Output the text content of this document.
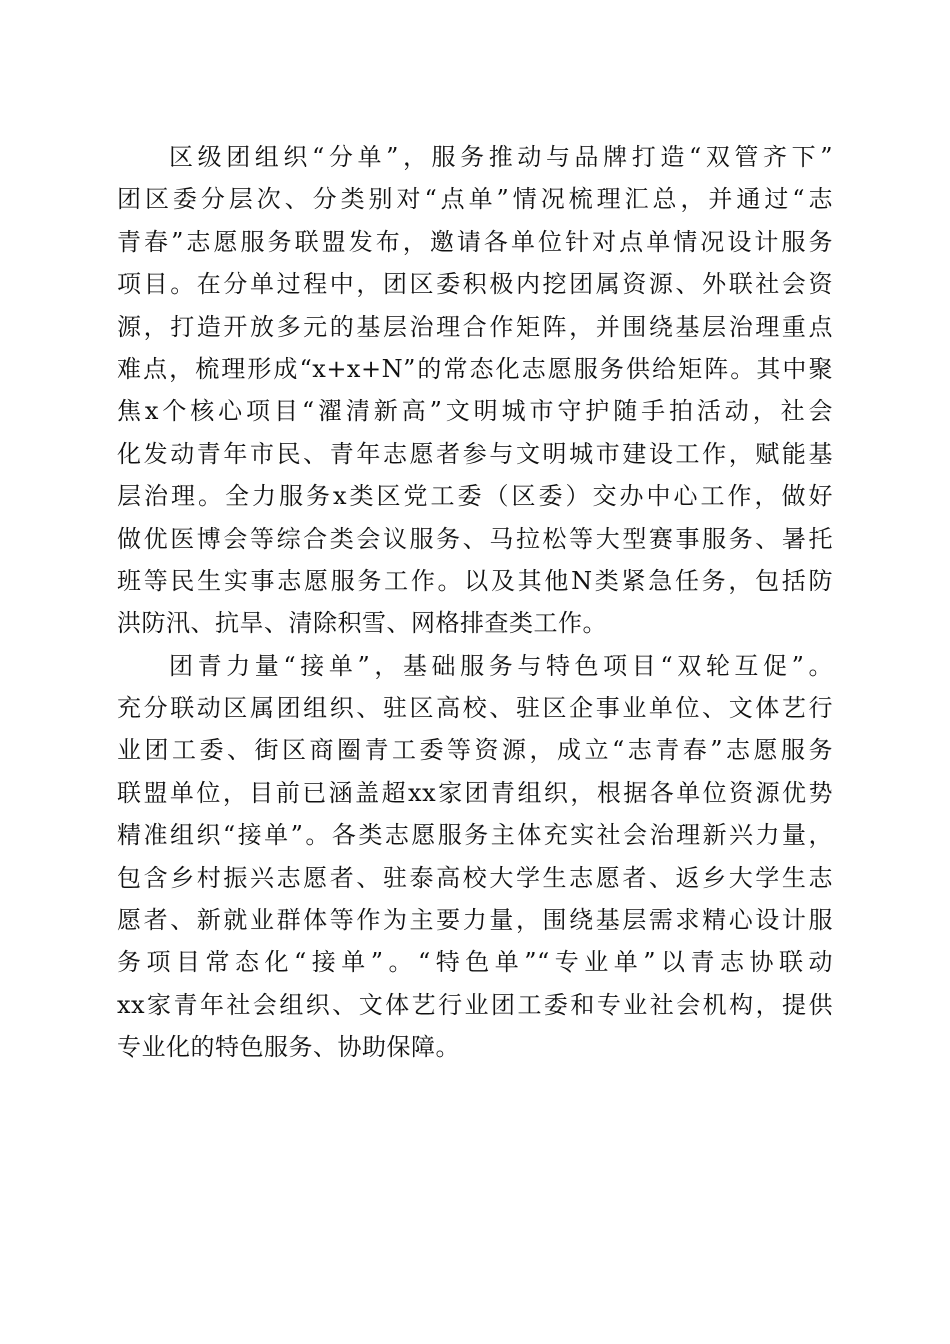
区级团组织“分单”，服务推动与品牌打造“双管齐下”
团区委分层次、分类别对“点单”情况梳理汇总，并通过“志
青春”志愿服务联盟发布，邀请各单位针对点单情况设计服务
项目。在分单过程中，团区委积极内挖团属资源、外联社会资
源，打造开放多元的基层治理合作矩阵，并围绕基层治理重点
难点，梳理形成“x+x+N”的常态化志愿服务供给矩阵。其中聚
焦x个核心项目“濯清新高”文明城市守护随手拍活动，社会
化发动青年市民、青年志愿者参与文明城市建设工作，赋能基
层治理。全力服务x类区党工委（区委）交办中心工作，做好
做优医博会等综合类会议服务、马拉松等大型赛事服务、暑托
班等民生实事志愿服务工作。以及其他N类紧急任务，包括防
洪防汛、抗旱、清除积雪、网格排查类工作。
团青力量“接单”，基础服务与特色项目“双轮互促”。
充分联动区属团组织、驻区高校、驻区企事业单位、文体艺行
业团工委、街区商圈青工委等资源，成立“志青春”志愿服务
联盟单位，目前已涵盖超xx家团青组织，根据各单位资源优势
精准组织“接单”。各类志愿服务主体充实社会治理新兴力量，
包含乡村振兴志愿者、驻泰高校大学生志愿者、返乡大学生志
愿者、新就业群体等作为主要力量，围绕基层需求精心设计服
务项目常态化“接单”。“特色单”“专业单”以青志协联动
xx家青年社会组织、文体艺行业团工委和专业社会机构，提供
专业化的特色服务、协助保障。
